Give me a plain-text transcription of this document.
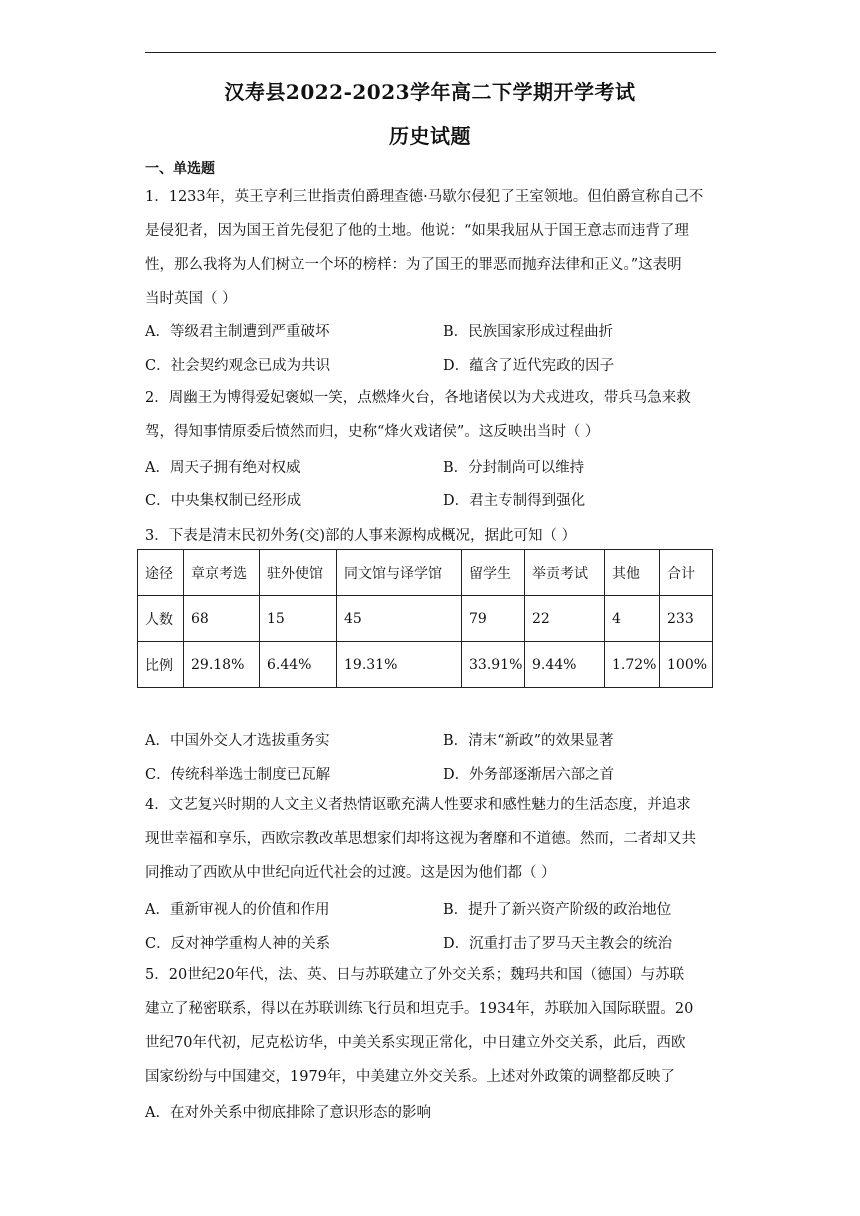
汉寿县2022-2023学年高二下学期开学考试
历史试题
一、单选题
1．1233年，英王亨利三世指责伯爵理查德·马歇尔侵犯了王室领地。但伯爵宣称自己不
是侵犯者，因为国王首先侵犯了他的土地。他说：“如果我屈从于国王意志而违背了理
性，那么我将为人们树立一个坏的榜样：为了国王的罪恶而抛弃法律和正义。”这表明
当时英国（ ）
A．等级君主制遭到严重破坏	B．民族国家形成过程曲折
C．社会契约观念已成为共识	D．蕴含了近代宪政的因子
2．周幽王为博得爱妃褒姒一笑，点燃烽火台，各地诸侯以为犬戎进攻，带兵马急来救
驾，得知事情原委后愤然而归，史称“烽火戏诸侯”。这反映出当时（ ）
A．周天子拥有绝对权威	B．分封制尚可以维持
C．中央集权制已经形成	D．君主专制得到强化
3．下表是清末民初外务(交)部的人事来源构成概况，据此可知（ ）
途径	章京考选	驻外使馆	同文馆与译学馆	留学生	举贡考试	其他	合计
人数	68	15	45	79	22	4	233
比例	29.18%	6.44%	19.31%	33.91%	9.44%	1.72%	100%
A．中国外交人才选拔重务实	B．清末“新政”的效果显著
C．传统科举选士制度已瓦解	D．外务部逐渐居六部之首
4．文艺复兴时期的人文主义者热情讴歌充满人性要求和感性魅力的生活态度，并追求
现世幸福和享乐，西欧宗教改革思想家们却将这视为奢靡和不道德。然而，二者却又共
同推动了西欧从中世纪向近代社会的过渡。这是因为他们都（ ）
A．重新审视人的价值和作用	B．提升了新兴资产阶级的政治地位
C．反对神学重构人神的关系	D．沉重打击了罗马天主教会的统治
5．20世纪20年代，法、英、日与苏联建立了外交关系；魏玛共和国（德国）与苏联
建立了秘密联系，得以在苏联训练飞行员和坦克手。1934年，苏联加入国际联盟。20
世纪70年代初，尼克松访华，中美关系实现正常化，中日建立外交关系，此后，西欧
国家纷纷与中国建交，1979年，中美建立外交关系。上述对外政策的调整都反映了
A．在对外关系中彻底排除了意识形态的影响
